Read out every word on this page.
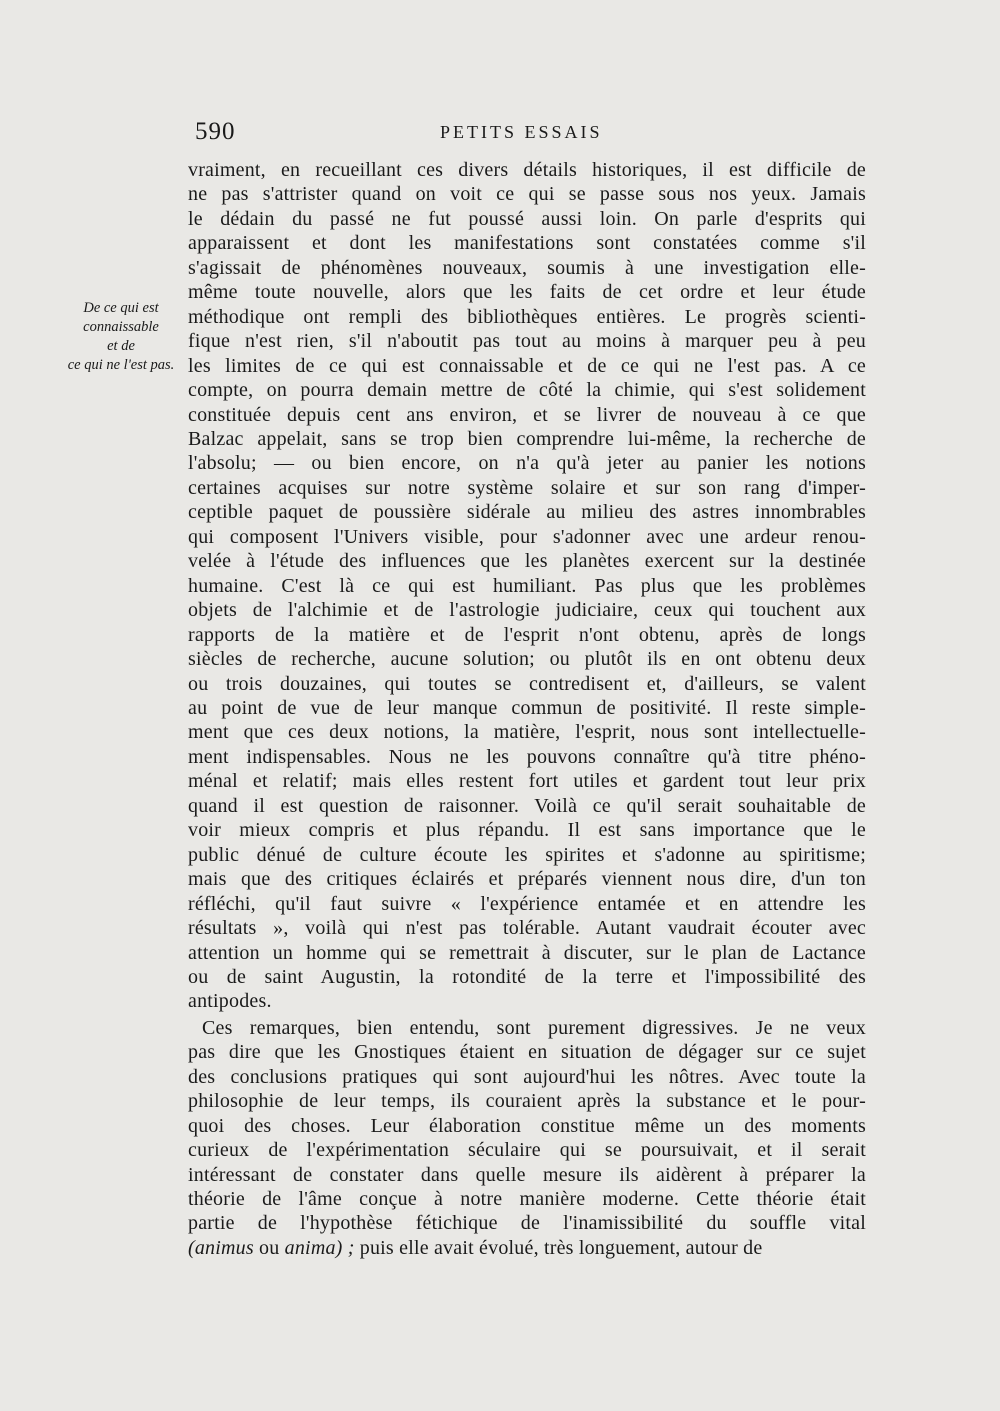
590	PETITS ESSAIS
De ce qui est
connaissable
et de
ce qui ne l'est pas.
vraiment, en recueillant ces divers détails historiques, il est difficile de
ne pas s'attrister quand on voit ce qui se passe sous nos yeux. Jamais
le dédain du passé ne fut poussé aussi loin. On parle d'esprits qui
apparaissent et dont les manifestations sont constatées comme s'il
s'agissait de phénomènes nouveaux, soumis à une investigation elle-
même toute nouvelle, alors que les faits de cet ordre et leur étude
méthodique ont rempli des bibliothèques entières. Le progrès scienti-
fique n'est rien, s'il n'aboutit pas tout au moins à marquer peu à peu
les limites de ce qui est connaissable et de ce qui ne l'est pas. A ce
compte, on pourra demain mettre de côté la chimie, qui s'est solidement
constituée depuis cent ans environ, et se livrer de nouveau à ce que
Balzac appelait, sans se trop bien comprendre lui-même, la recherche de
l'absolu; — ou bien encore, on n'a qu'à jeter au panier les notions
certaines acquises sur notre système solaire et sur son rang d'imper-
ceptible paquet de poussière sidérale au milieu des astres innombrables
qui composent l'Univers visible, pour s'adonner avec une ardeur renou-
velée à l'étude des influences que les planètes exercent sur la destinée
humaine. C'est là ce qui est humiliant. Pas plus que les problèmes
objets de l'alchimie et de l'astrologie judiciaire, ceux qui touchent aux
rapports de la matière et de l'esprit n'ont obtenu, après de longs
siècles de recherche, aucune solution; ou plutôt ils en ont obtenu deux
ou trois douzaines, qui toutes se contredisent et, d'ailleurs, se valent
au point de vue de leur manque commun de positivité. Il reste simple-
ment que ces deux notions, la matière, l'esprit, nous sont intellectuelle-
ment indispensables. Nous ne les pouvons connaître qu'à titre phéno-
ménal et relatif; mais elles restent fort utiles et gardent tout leur prix
quand il est question de raisonner. Voilà ce qu'il serait souhaitable de
voir mieux compris et plus répandu. Il est sans importance que le
public dénué de culture écoute les spirites et s'adonne au spiritisme;
mais que des critiques éclairés et préparés viennent nous dire, d'un ton
réfléchi, qu'il faut suivre « l'expérience entamée et en attendre les
résultats », voilà qui n'est pas tolérable. Autant vaudrait écouter avec
attention un homme qui se remettrait à discuter, sur le plan de Lactance
ou de saint Augustin, la rotondité de la terre et l'impossibilité des
antipodes.
Ces remarques, bien entendu, sont purement digressives. Je ne veux
pas dire que les Gnostiques étaient en situation de dégager sur ce sujet
des conclusions pratiques qui sont aujourd'hui les nôtres. Avec toute la
philosophie de leur temps, ils couraient après la substance et le pour-
quoi des choses. Leur élaboration constitue même un des moments
curieux de l'expérimentation séculaire qui se poursuivait, et il serait
intéressant de constater dans quelle mesure ils aidèrent à préparer la
théorie de l'âme conçue à notre manière moderne. Cette théorie était
partie de l'hypothèse fétichique de l'inamissibilité du souffle vital
(animus ou anima) ; puis elle avait évolué, très longuement, autour de
